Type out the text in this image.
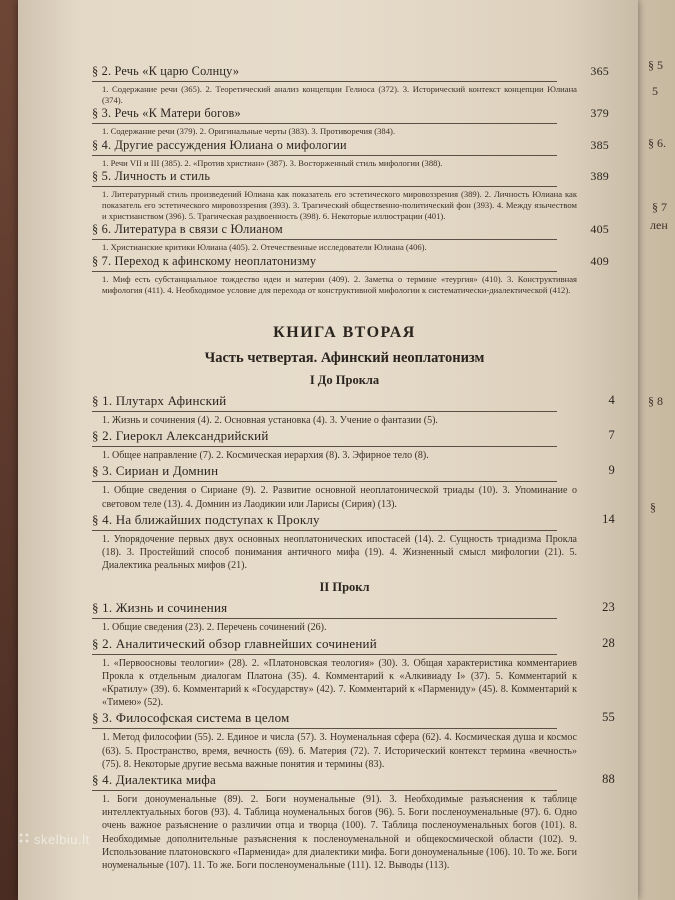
§ 5
5
§ 6.
§ 7
лен
§ 8
§
§ 2. Речь «К царю Солнцу»	365
1. Содержание речи (365). 2. Теоретический анализ концепции Гелиоса (372). 3. Исторический контекст концепции Юлиана (374).
§ 3. Речь «К Матери богов»	379
1. Содержание речи (379). 2. Оригинальные черты (383). 3. Противоречия (384).
§ 4. Другие рассуждения Юлиана о мифологии	385
1. Речи VII и III (385). 2. «Против христиан» (387). 3. Восторженный стиль мифологии (388).
§ 5. Личность и стиль	389
1. Литературный стиль произведений Юлиана как показатель его эстетического мировоззрения (389). 2. Личность Юлиана как показатель его эстетического мировоззрения (393). 3. Трагический общественно-политический фон (393). 4. Между язычеством и христианством (396). 5. Трагическая раздвоенность (398). 6. Некоторые иллюстрации (401).
§ 6. Литература в связи с Юлианом	405
1. Христианские критики Юлиана (405). 2. Отечественные исследователи Юлиана (406).
§ 7. Переход к афинскому неоплатонизму	409
1. Миф есть субстанциальное тождество идеи и материи (409). 2. Заметка о термине «теургия» (410). 3. Конструктивная мифология (411). 4. Необходимое условие для перехода от конструктивной мифологии к систематически-диалектической (412).
КНИГА ВТОРАЯ
Часть четвертая. Афинский неоплатонизм
I До Прокла
§ 1. Плутарх Афинский	4
1. Жизнь и сочинения (4). 2. Основная установка (4). 3. Учение о фантазии (5).
§ 2. Гиерокл Александрийский	7
1. Общее направление (7). 2. Космическая иерархия (8). 3. Эфирное тело (8).
§ 3. Сириан и Домнин	9
1. Общие сведения о Сириане (9). 2. Развитие основной неоплатонической триады (10). 3. Упоминание о световом теле (13). 4. Домнин из Лаодикии или Ларисы (Сирия) (13).
§ 4. На ближайших подступах к Проклу	14
1. Упорядочение первых двух основных неоплатонических ипостасей (14). 2. Сущность триадизма Прокла (18). 3. Простейший способ понимания античного мифа (19). 4. Жизненный смысл мифологии (21). 5. Диалектика реальных мифов (21).
II Прокл
§ 1. Жизнь и сочинения	23
1. Общие сведения (23). 2. Перечень сочинений (26).
§ 2. Аналитический обзор главнейших сочинений	28
1. «Первоосновы теологии» (28). 2. «Платоновская теология» (30). 3. Общая характеристика комментариев Прокла к отдельным диалогам Платона (35). 4. Комментарий к «Алкивиаду I» (37). 5. Комментарий к «Кратилу» (39). 6. Комментарий к «Государству» (42). 7. Комментарий к «Пармениду» (45). 8. Комментарий к «Тимею» (52).
§ 3. Философская система в целом	55
1. Метод философии (55). 2. Единое и числа (57). 3. Ноуменальная сфера (62). 4. Космическая душа и космос (63). 5. Пространство, время, вечность (69). 6. Материя (72). 7. Исторический контекст термина «вечность» (75). 8. Некоторые другие весьма важные понятия и термины (83).
§ 4. Диалектика мифа	88
1. Боги доноуменальные (89). 2. Боги ноуменальные (91). 3. Необходимые разъяснения к таблице интеллектуальных богов (93). 4. Таблица ноуменальных богов (96). 5. Боги посленоуменальные (97). 6. Одно очень важное разъяснение о различии отца и творца (100). 7. Таблица посленоуменальных богов (101). 8. Необходимые дополнительные разъяснения к посленоуменальной и общекосмической области (102). 9. Использование платоновского «Парменида» для диалектики мифа. Боги доноуменальные (106). 10. То же. Боги ноуменальные (107). 11. То же. Боги посленоуменальные (111). 12. Выводы (113).
skelbiu.lt
